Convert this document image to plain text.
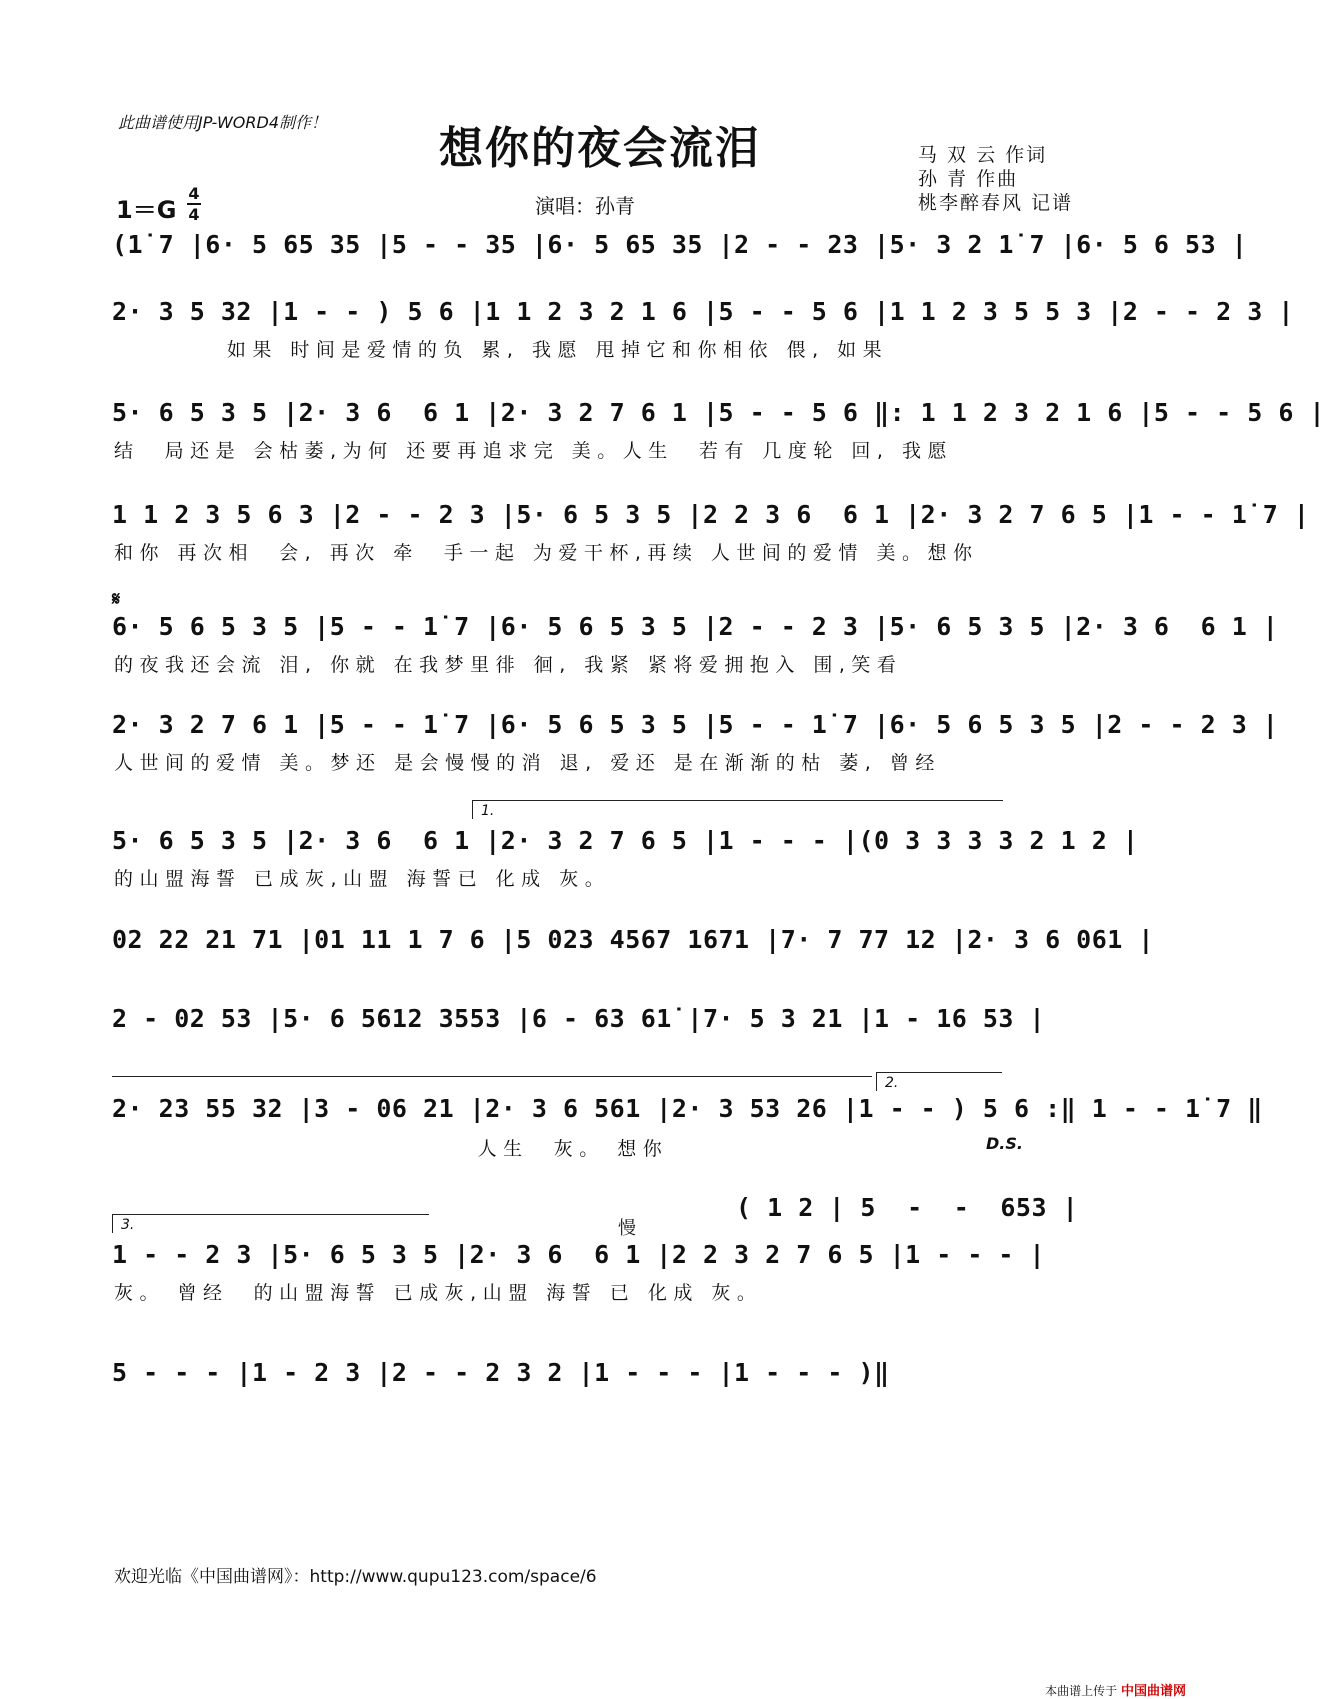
此曲谱使用JP-WORD4制作！
想你的夜会流泪	马 双 云 作词
孙 青 作曲
桃李醉春风 记谱
1＝G
4
4	演唱：孙青
(1̇ 7 |6· 5 65 35 |5 - - 35 |6· 5 65 35 |2 - - 23 |5· 3 2 1̇ 7 |6· 5 6 53 |
2· 3 5 32 |1 - - ) 5 6 |1 1 2 3 2 1 6 |5 - - 5 6 |1 1 2 3 5 5 3 |2 - - 2 3 |
如果 时间是爱情的负 累, 我愿 甩掉它和你相依 偎, 如果
5· 6 5 3 5 |2· 3 6  6 1 |2· 3 2 7 6 1 |5 - - 5 6 ‖: 1 1 2 3 2 1 6 |5 - - 5 6 |
结  局还是 会枯萎,为何 还要再追求完 美。人生  若有 几度轮 回, 我愿
1 1 2 3 5 6 3 |2 - - 2 3 |5· 6 5 3 5 |2 2 3 6  6 1 |2· 3 2 7 6 5 |1 - - 1̇ 7 |
和你 再次相  会, 再次 牵  手一起 为爱干杯,再续 人世间的爱情 美。想你
𝄋
6· 5 6 5 3 5 |5 - - 1̇ 7 |6· 5 6 5 3 5 |2 - - 2 3 |5· 6 5 3 5 |2· 3 6  6 1 |
的夜我还会流 泪, 你就 在我梦里徘 徊, 我紧 紧将爱拥抱入 围,笑看
2· 3 2 7 6 1 |5 - - 1̇ 7 |6· 5 6 5 3 5 |5 - - 1̇ 7 |6· 5 6 5 3 5 |2 - - 2 3 |
人世间的爱情 美。梦还 是会慢慢的消 退, 爱还 是在渐渐的枯 萎, 曾经
1.
5· 6 5 3 5 |2· 3 6  6 1 |2· 3 2 7 6 5 |1 - - - |(0 3 3 3 3 2 1 2 |
的山盟海誓 已成灰,山盟 海誓已 化成 灰。
02 22 21 71 |01 11 1 7 6 |5 023 4567 1671 |7· 7 77 12 |2· 3 6 061 |
2 - 02 53 |5· 6 5612 3553 |6 - 63 61̇ |7· 5 3 21 |1 - 16 53 |
2.
2· 23 55 32 |3 - 06 21 |2· 3 6 561 |2· 3 53 26 |1 - - ) 5 6 :‖ 1 - - 1̇ 7 ‖
人生  灰。 想你	D.S.
( 1 2 | 5  -  -  653 |
3.	慢
1 - - 2 3 |5· 6 5 3 5 |2· 3 6  6 1 |2 2 3 2 7 6 5 |1 - - - |
灰。 曾经  的山盟海誓 已成灰,山盟 海誓 已 化成 灰。
5 - - - |1 - 2 3 |2 - - 2 3 2 |1 - - - |1 - - - )‖
欢迎光临《中国曲谱网》：http://www.qupu123.com/space/6
本曲谱上传于 中国曲谱网
